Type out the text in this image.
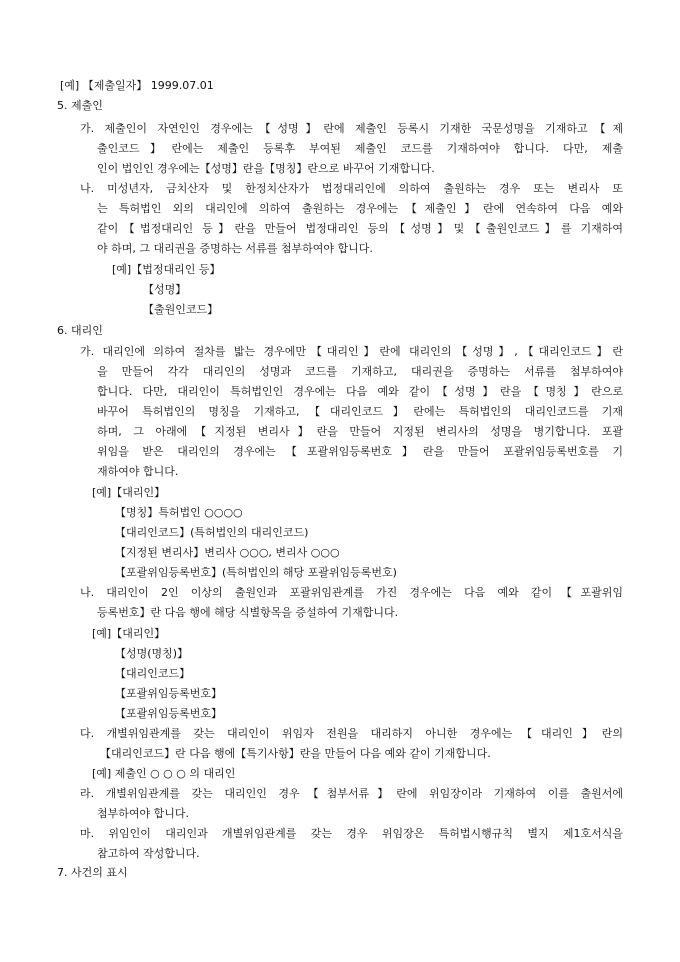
[예] 【제출일자】 1999.07.01
5. 제출인
가. 제출인이 자연인인 경우에는【성명】란에 제출인 등록시 기재한 국문성명을 기재하고【제
출인코드】란에는 제출인 등록후 부여된 제출인 코드를 기재하여야 합니다. 다만, 제출
인이 법인인 경우에는【성명】란을【명칭】란으로 바꾸어 기재합니다.
나. 미성년자, 금치산자 및 한정치산자가 법정대리인에 의하여 출원하는 경우 또는 변리사 또
는 특허법인 외의 대리인에 의하여 출원하는 경우에는【제출인】란에 연속하여 다음 예와
같이【법정대리인 등】란을 만들어 법정대리인 등의【성명】및【출원인코드】를 기재하여
야 하며, 그 대리권을 증명하는 서류를 첨부하여야 합니다.
[예]【법정대리인 등】
【성명】
【출원인코드】
6. 대리인
가. 대리인에 의하여 절차를 밟는 경우에만【대리인】란에 대리인의【성명】,【대리인코드】란
을 만들어 각각 대리인의 성명과 코드를 기재하고, 대리권을 증명하는 서류를 첨부하여야
합니다. 다만, 대리인이 특허법인인 경우에는 다음 예와 같이【성명】란을【명칭】란으로
바꾸어 특허법인의 명칭을 기재하고,【대리인코드】란에는 특허법인의 대리인코드를 기재
하며, 그 아래에【지정된 변리사】란을 만들어 지정된 변리사의 성명을 병기합니다. 포괄
위임을 받은 대리인의 경우에는【포괄위임등록번호】란을 만들어 포괄위임등록번호를 기
재하여야 합니다.
[예]【대리인】
【명칭】특허법인 ○○○○
【대리인코드】(특허법인의 대리인코드)
【지정된 변리사】변리사 ○○○, 변리사 ○○○
【포괄위임등록번호】(특허법인의 해당 포괄위임등록번호)
나. 대리인이 2인 이상의 출원인과 포괄위임관계를 가진 경우에는 다음 예와 같이【포괄위임
등록번호】란 다음 행에 해당 식별항목을 증설하여 기재합니다.
[예]【대리인】
【성명(명칭)】
【대리인코드】
【포괄위임등록번호】
【포괄위임등록번호】
다. 개별위임관계를 갖는 대리인이 위임자 전원을 대리하지 아니한 경우에는【대리인】란의
【대리인코드】란 다음 행에【특기사항】란을 만들어 다음 예와 같이 기재합니다.
[예] 제출인 ○ ○ ○ 의 대리인
라. 개별위임관계를 갖는 대리인인 경우【첨부서류】란에 위임장이라 기재하여 이를 출원서에
첨부하여야 합니다.
마. 위임인이 대리인과 개별위임관계를 갖는 경우 위임장은 특허법시행규칙 별지 제1호서식을
참고하여 작성합니다.
7. 사건의 표시
